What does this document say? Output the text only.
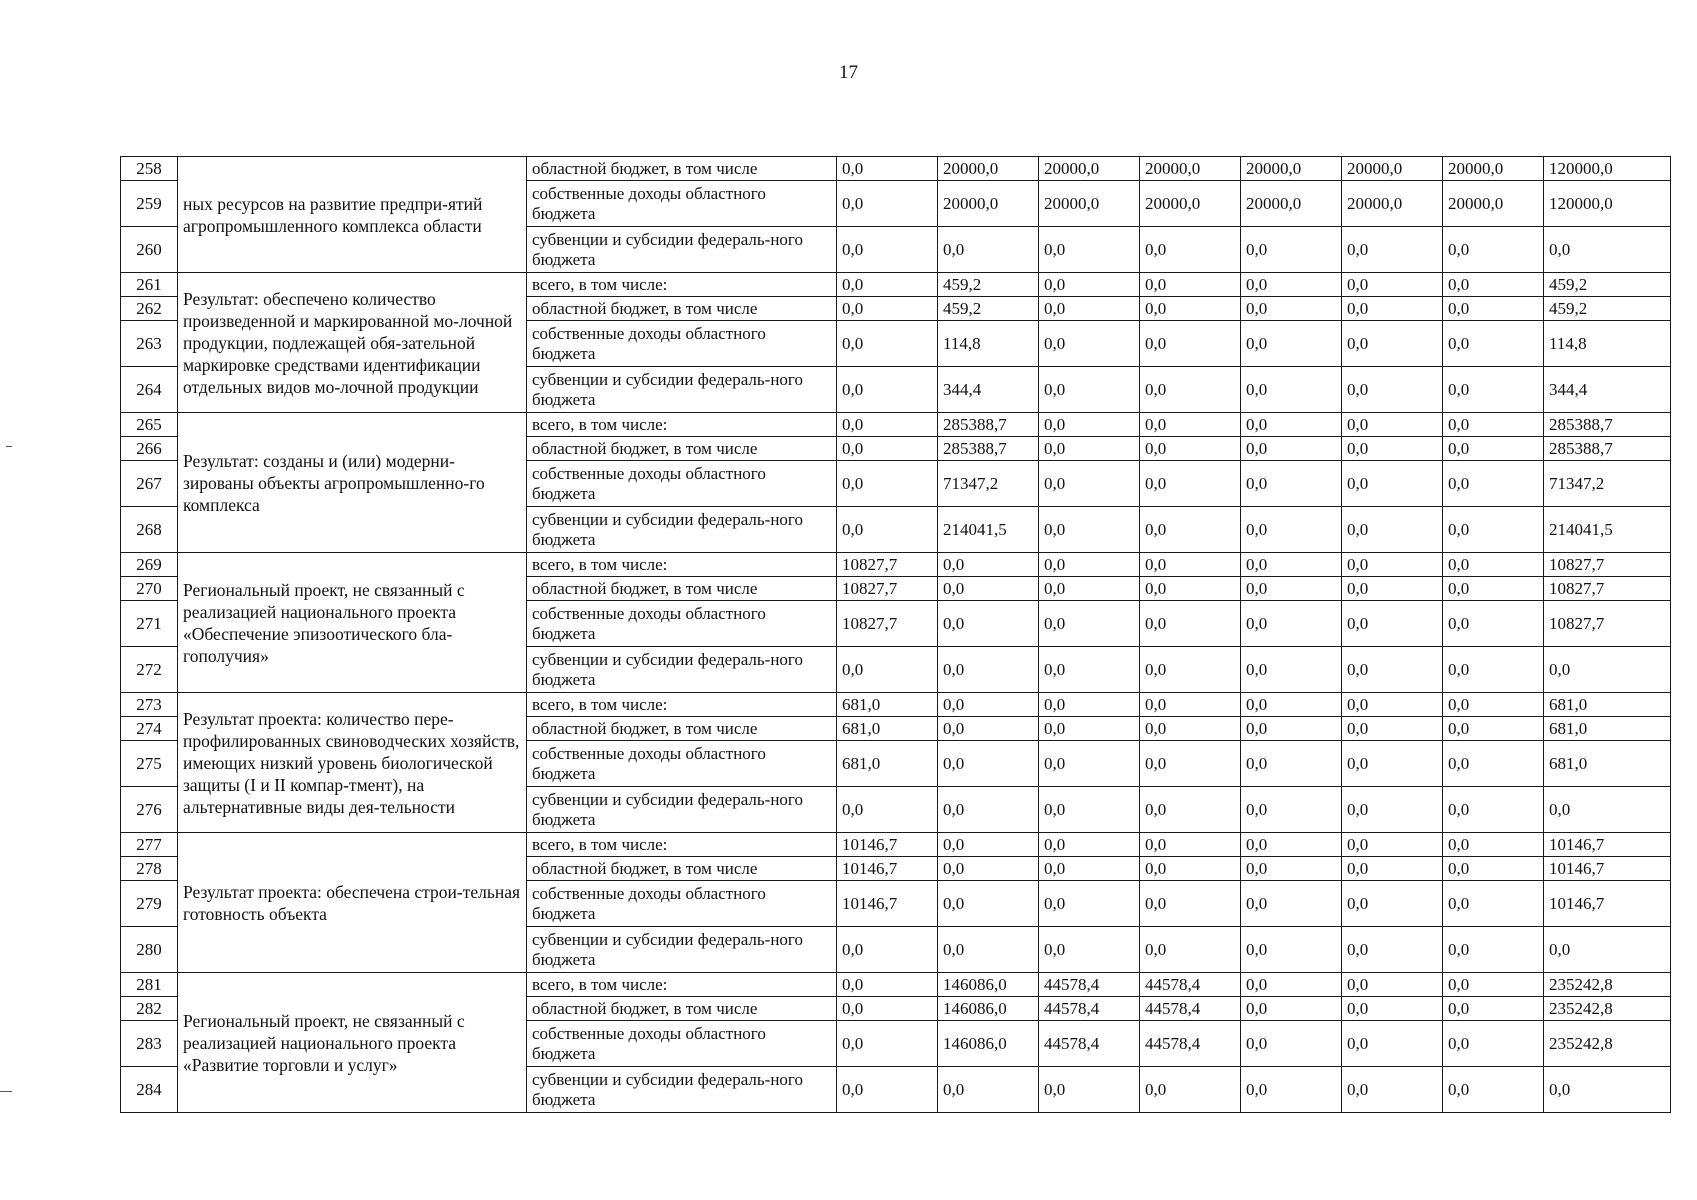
17
258	ных ресурсов на развитие предпри-ятий агропромышленного комплекса области	областной бюджет, в том числе	0,0	20000,0	20000,0	20000,0	20000,0	20000,0	20000,0	120000,0
259		собственные доходы областного бюджета	0,0	20000,0	20000,0	20000,0	20000,0	20000,0	20000,0	120000,0
260		субвенции и субсидии федераль-ного бюджета	0,0	0,0	0,0	0,0	0,0	0,0	0,0	0,0
261	Результат: обеспечено количество произведенной и маркированной мо-лочной продукции, подлежащей обя-зательной маркировке средствами идентификации отдельных видов мо-лочной продукции	всего, в том числе:	0,0	459,2	0,0	0,0	0,0	0,0	0,0	459,2
262		областной бюджет, в том числе	0,0	459,2	0,0	0,0	0,0	0,0	0,0	459,2
263		собственные доходы областного бюджета	0,0	114,8	0,0	0,0	0,0	0,0	0,0	114,8
264		субвенции и субсидии федераль-ного бюджета	0,0	344,4	0,0	0,0	0,0	0,0	0,0	344,4
265	Результат: созданы и (или) модерни-зированы объекты агропромышленно-го комплекса	всего, в том числе:	0,0	285388,7	0,0	0,0	0,0	0,0	0,0	285388,7
266		областной бюджет, в том числе	0,0	285388,7	0,0	0,0	0,0	0,0	0,0	285388,7
267		собственные доходы областного бюджета	0,0	71347,2	0,0	0,0	0,0	0,0	0,0	71347,2
268		субвенции и субсидии федераль-ного бюджета	0,0	214041,5	0,0	0,0	0,0	0,0	0,0	214041,5
269	Региональный проект, не связанный с реализацией национального проекта «Обеспечение эпизоотического бла-гополучия»	всего, в том числе:	10827,7	0,0	0,0	0,0	0,0	0,0	0,0	10827,7
270		областной бюджет, в том числе	10827,7	0,0	0,0	0,0	0,0	0,0	0,0	10827,7
271		собственные доходы областного бюджета	10827,7	0,0	0,0	0,0	0,0	0,0	0,0	10827,7
272		субвенции и субсидии федераль-ного бюджета	0,0	0,0	0,0	0,0	0,0	0,0	0,0	0,0
273	Результат проекта: количество пере-профилированных свиноводческих хозяйств, имеющих низкий уровень биологической защиты (I и II компар-тмент), на альтернативные виды дея-тельности	всего, в том числе:	681,0	0,0	0,0	0,0	0,0	0,0	0,0	681,0
274		областной бюджет, в том числе	681,0	0,0	0,0	0,0	0,0	0,0	0,0	681,0
275		собственные доходы областного бюджета	681,0	0,0	0,0	0,0	0,0	0,0	0,0	681,0
276		субвенции и субсидии федераль-ного бюджета	0,0	0,0	0,0	0,0	0,0	0,0	0,0	0,0
277	Результат проекта: обеспечена строи-тельная готовность объекта	всего, в том числе:	10146,7	0,0	0,0	0,0	0,0	0,0	0,0	10146,7
278		областной бюджет, в том числе	10146,7	0,0	0,0	0,0	0,0	0,0	0,0	10146,7
279		собственные доходы областного бюджета	10146,7	0,0	0,0	0,0	0,0	0,0	0,0	10146,7
280		субвенции и субсидии федераль-ного бюджета	0,0	0,0	0,0	0,0	0,0	0,0	0,0	0,0
281	Региональный проект, не связанный с реализацией национального проекта «Развитие торговли и услуг»	всего, в том числе:	0,0	146086,0	44578,4	44578,4	0,0	0,0	0,0	235242,8
282		областной бюджет, в том числе	0,0	146086,0	44578,4	44578,4	0,0	0,0	0,0	235242,8
283		собственные доходы областного бюджета	0,0	146086,0	44578,4	44578,4	0,0	0,0	0,0	235242,8
284		субвенции и субсидии федераль-ного бюджета	0,0	0,0	0,0	0,0	0,0	0,0	0,0	0,0
